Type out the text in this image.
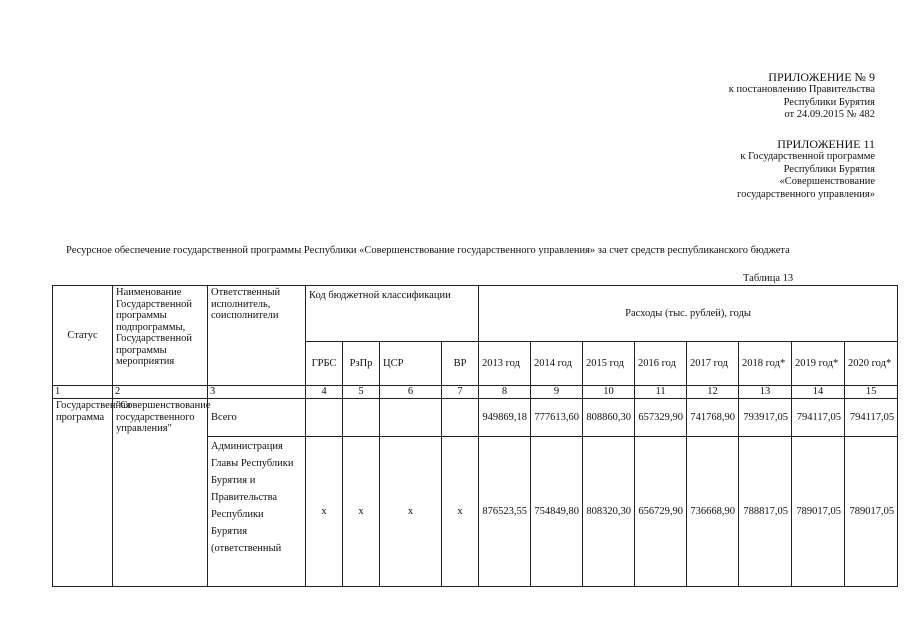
ПРИЛОЖЕНИЕ № 9
к постановлению Правительства
Республики Бурятия
от 24.09.2015 № 482
ПРИЛОЖЕНИЕ 11
к Государственной программе
Республики Бурятия
«Совершенствование
государственного управления»
Ресурсное обеспечение государственной программы Республики «Совершенствование государственного управления» за счет средств республиканского бюджета
Таблица 13
Статус	Наименование Государственной программы подпрограммы, Государственной программы мероприятия	Ответственный исполнитель, соисполнители	Код бюджетной классификации				Расходы (тыс. рублей), годы							
			ГРБС	РзПр	ЦСР	ВР	2013 год	2014 год	2015 год	2016 год	2017 год	2018 год*	2019 год*	2020 год*
1	2	3	4	5	6	7	8	9	10	11	12	13	14	15
Государственная программа	"Совершенствование государственного управления"	Всего					949869,18	777613,60	808860,30	657329,90	741768,90	793917,05	794117,05	794117,05
		Администрация Главы Республики Бурятия и Правительства Республики Бурятия (ответственный	х	х	х	х	876523,55	754849,80	808320,30	656729,90	736668,90	788817,05	789017,05	789017,05
